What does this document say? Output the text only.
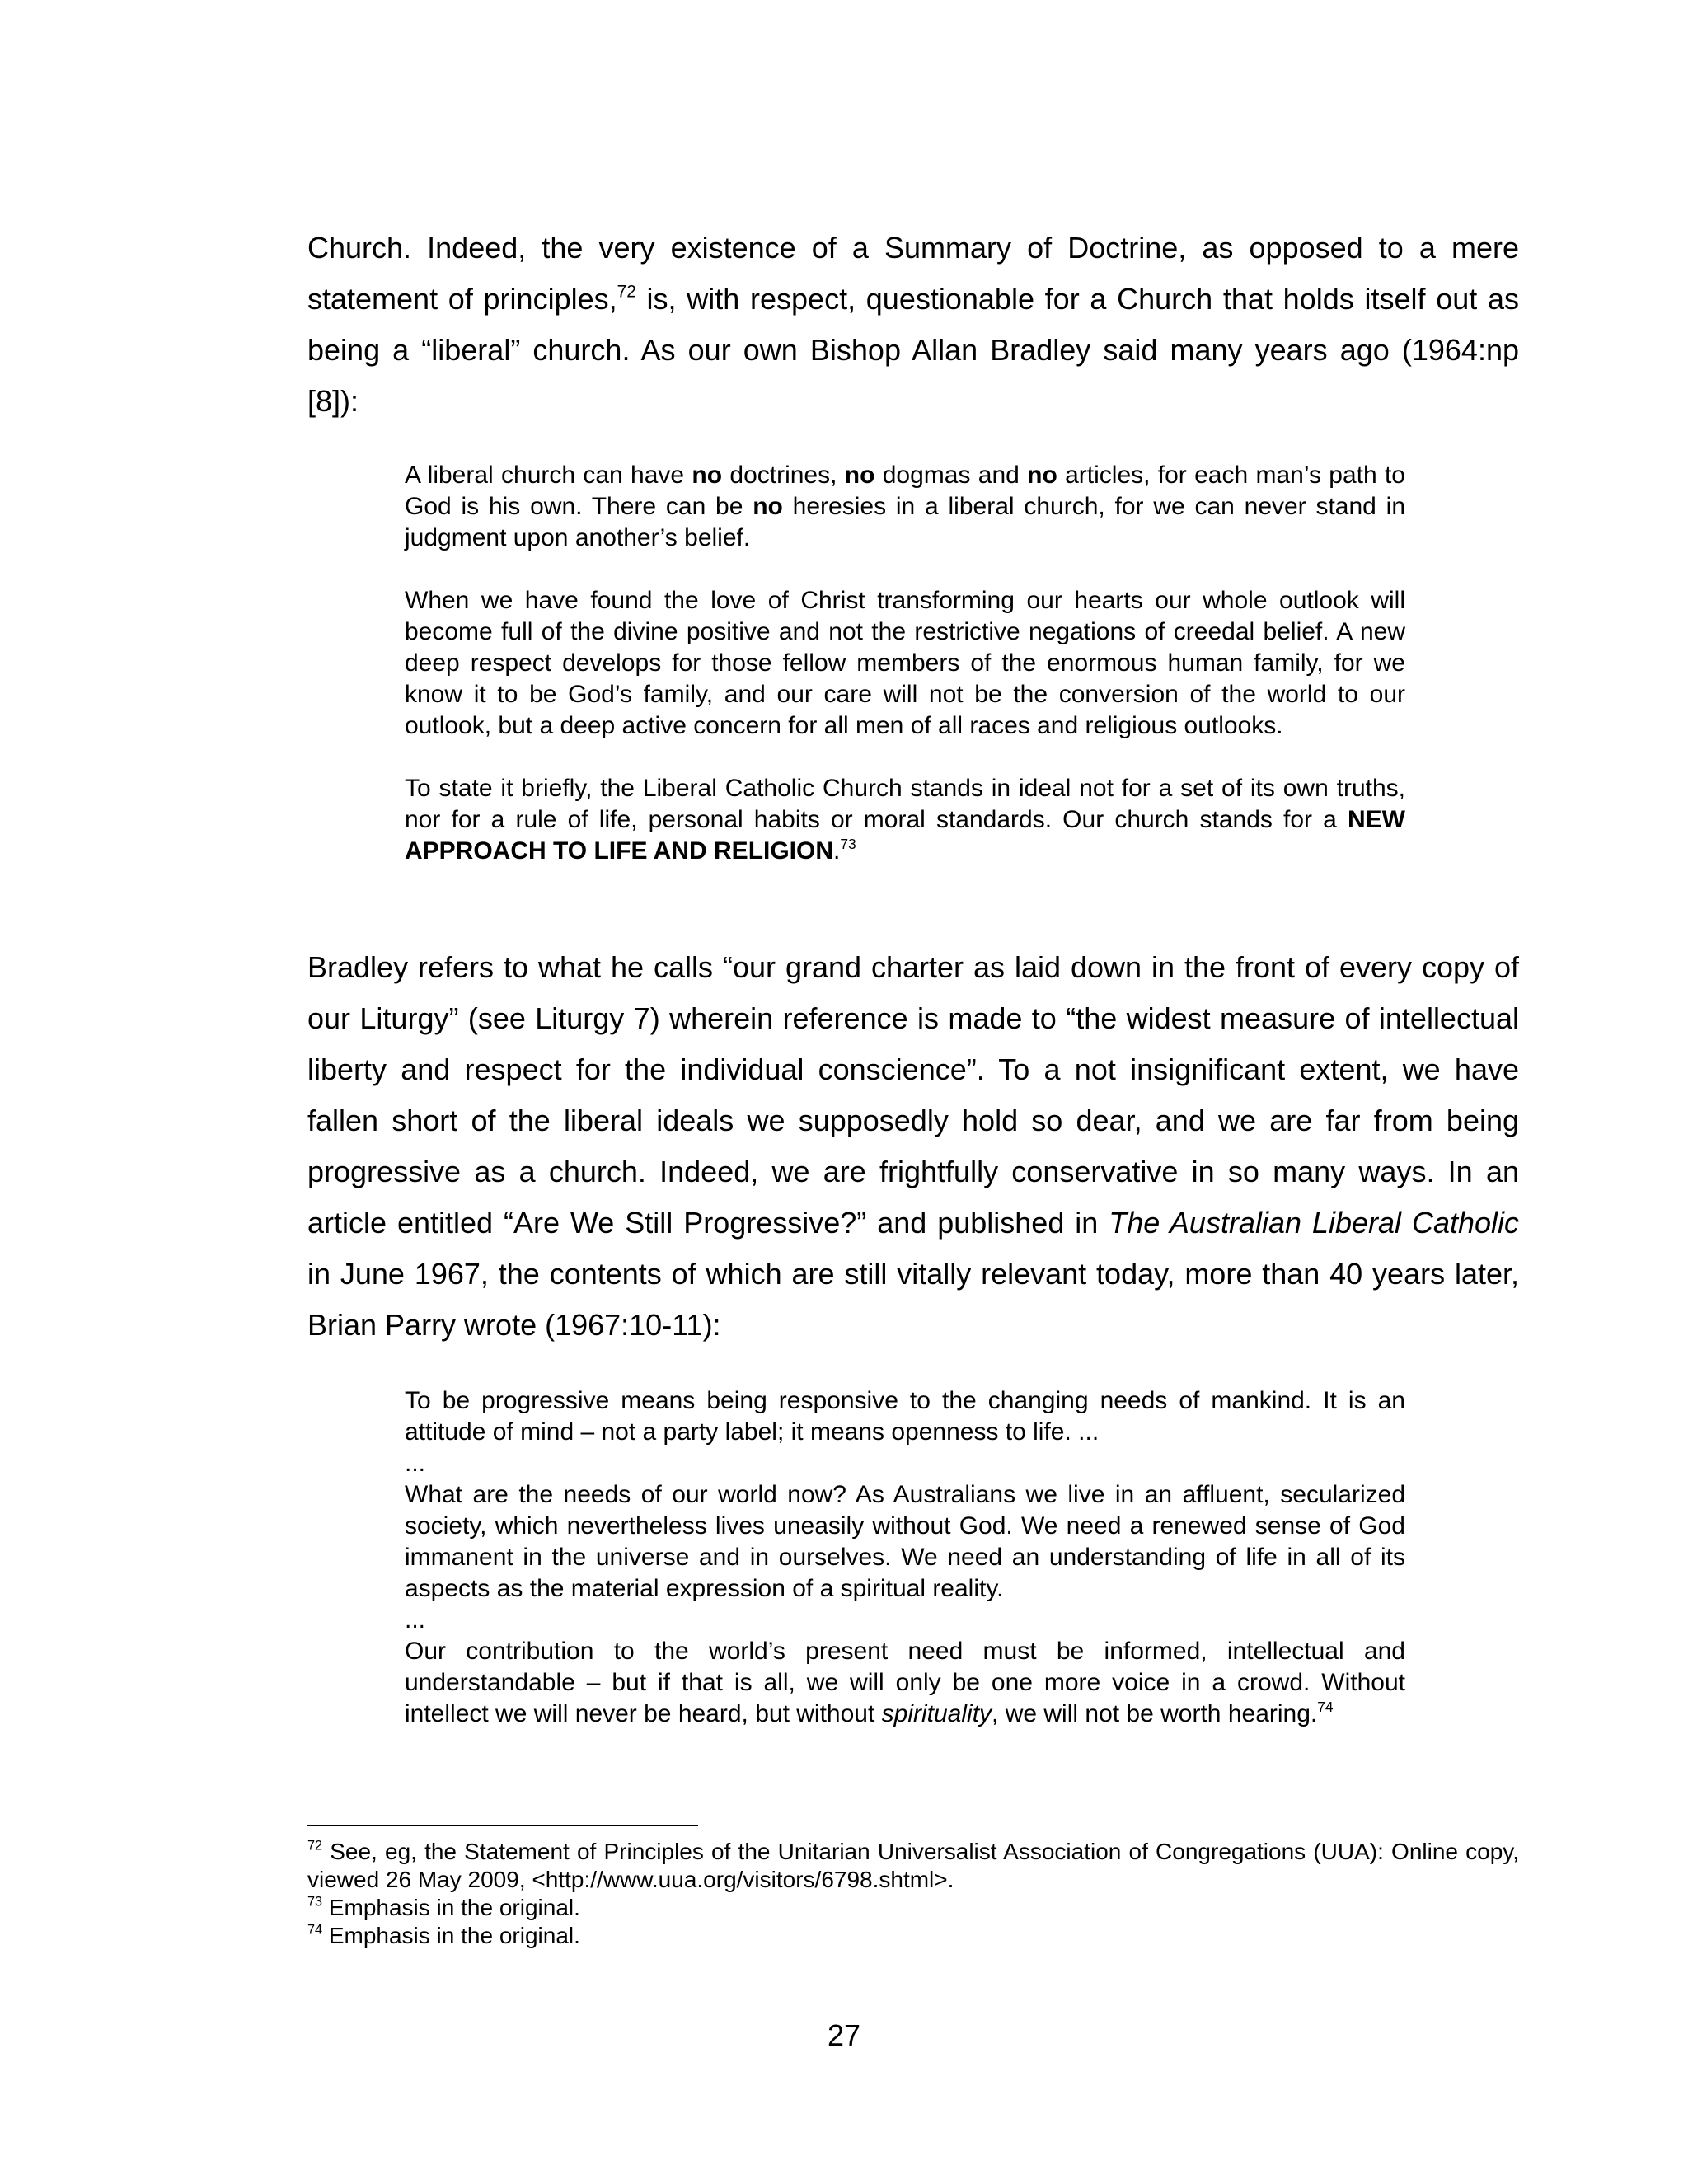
Church. Indeed, the very existence of a Summary of Doctrine, as opposed to a mere statement of principles,$^{72}$ is, with respect, questionable for a Church that holds itself out as being a “liberal” church. As our own Bishop Allan Bradley said many years ago (1964:np [8]):

A liberal church can have no doctrines, no dogmas and no articles, for each man’s path to God is his own. There can be no heresies in a liberal church, for we can never stand in judgment upon another’s belief.

When we have found the love of Christ transforming our hearts our whole outlook will become full of the divine positive and not the restrictive negations of creedal belief. A new deep respect develops for those fellow members of the enormous human family, for we know it to be God’s family, and our care will not be the conversion of the world to our outlook, but a deep active concern for all men of all races and religious outlooks.

To state it briefly, the Liberal Catholic Church stands in ideal not for a set of its own truths, nor for a rule of life, personal habits or moral standards. Our church stands for a NEW APPROACH TO LIFE AND RELIGION.$^{73}$

Bradley refers to what he calls “our grand charter as laid down in the front of every copy of our Liturgy” (see Liturgy 7) wherein reference is made to “the widest measure of intellectual liberty and respect for the individual conscience”. To a not insignificant extent, we have fallen short of the liberal ideals we supposedly hold so dear, and we are far from being progressive as a church. Indeed, we are frightfully conservative in so many ways. In an article entitled “Are We Still Progressive?” and published in The Australian Liberal Catholic in June 1967, the contents of which are still vitally relevant today, more than 40 years later, Brian Parry wrote (1967:10-11):

To be progressive means being responsive to the changing needs of mankind. It is an attitude of mind – not a party label; it means openness to life. ...

...

What are the needs of our world now? As Australians we live in an affluent, secularized society, which nevertheless lives uneasily without God. We need a renewed sense of God immanent in the universe and in ourselves. We need an understanding of life in all of its aspects as the material expression of a spiritual reality.

...

Our contribution to the world’s present need must be informed, intellectual and understandable – but if that is all, we will only be one more voice in a crowd. Without intellect we will never be heard, but without spirituality, we will not be worth hearing.$^{74}$

$^{72}$ See, eg, the Statement of Principles of the Unitarian Universalist Association of Congregations (UUA): Online copy, viewed 26 May 2009, <http://www.uua.org/visitors/6798.shtml>.

$^{73}$ Emphasis in the original.

$^{74}$ Emphasis in the original.

27
